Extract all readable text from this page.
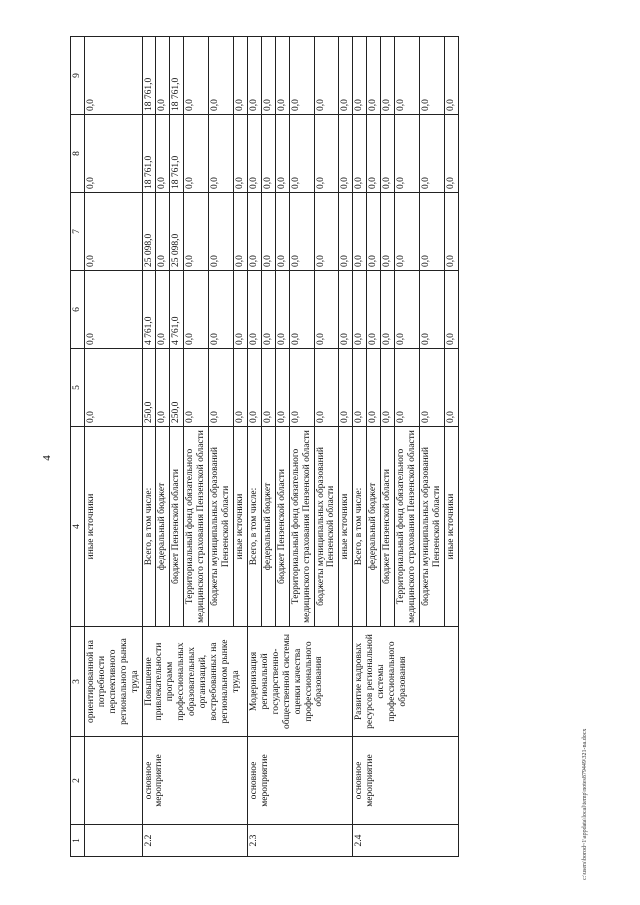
4
1	2	3	4	5	6	7	8	9
		ориентированной на потребности перспективного регионального рынка труда	иные источники	0,0	0,0	0,0	0,0	0,0
2.2	основное мероприятие	Повышение привлекательности программ профессиональных образовательных организаций, востребованных на региональном рынке труда	Всего, в том числе:	250,0	4 761,0	25 098,0	18 761,0	18 761,0
			федеральный бюджет	0,0	0,0	0,0	0,0	0,0
			бюджет Пензенской области	250,0	4 761,0	25 098,0	18 761,0	18 761,0
			Территориальный фонд обязательного медицинского страхования Пензенской области	0,0	0,0	0,0	0,0	0,0
			бюджеты муниципальных образований Пензенской области	0,0	0,0	0,0	0,0	0,0
			иные источники	0,0	0,0	0,0	0,0	0,0
2.3	основное мероприятие	Модернизация региональной государственно-общественной системы оценки качества профессионального образования	Всего, в том числе:	0,0	0,0	0,0	0,0	0,0
			федеральный бюджет	0,0	0,0	0,0	0,0	0,0
			бюджет Пензенской области	0,0	0,0	0,0	0,0	0,0
			Территориальный фонд обязательного медицинского страхования Пензенской области	0,0	0,0	0,0	0,0	0,0
			бюджеты муниципальных образований Пензенской области	0,0	0,0	0,0	0,0	0,0
			иные источники	0,0	0,0	0,0	0,0	0,0
2.4	основное мероприятие	Развитие кадровых ресурсов региональной системы профессионального образования	Всего, в том числе:	0,0	0,0	0,0	0,0	0,0
			федеральный бюджет	0,0	0,0	0,0	0,0	0,0
			бюджет Пензенской области	0,0	0,0	0,0	0,0	0,0
			Территориальный фонд обязательного медицинского страхования Пензенской области	0,0	0,0	0,0	0,0	0,0
			бюджеты муниципальных образований Пензенской области	0,0	0,0	0,0	0,0	0,0
			иные источники	0,0	0,0	0,0	0,0	0,0
c:\users\borod~1\appdata\local\temp\notes879449\321-na.docx
